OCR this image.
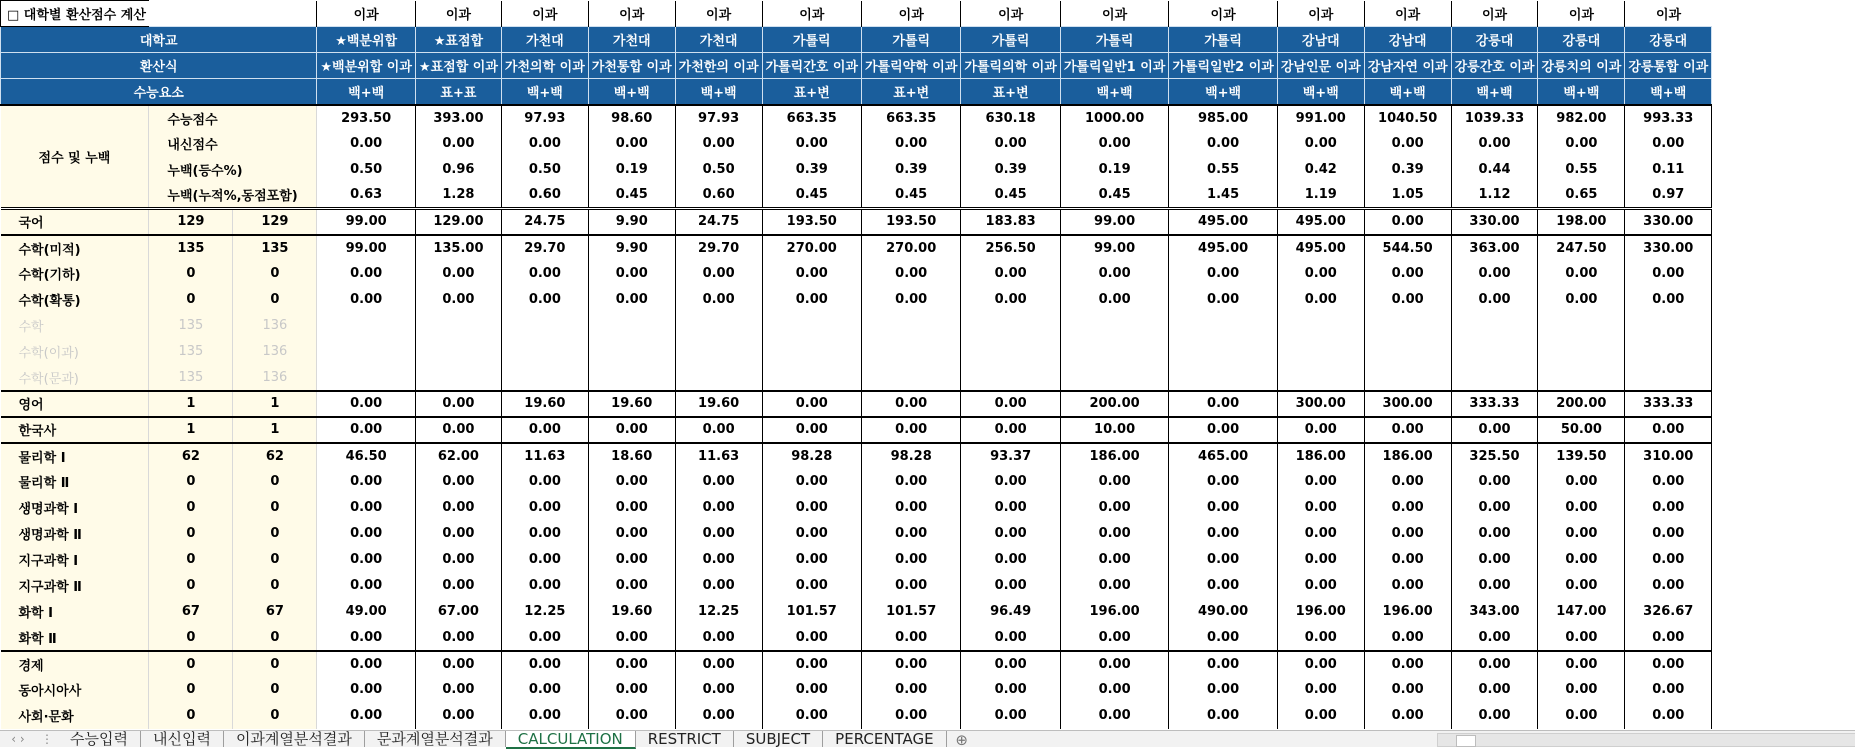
□ 대학별 환산점수 계산			이과	이과	이과	이과	이과	이과	이과	이과	이과	이과	이과	이과	이과	이과	이과
대학교			★백분위합	★표점합	가천대	가천대	가천대	가톨릭	가톨릭	가톨릭	가톨릭	가톨릭	강남대	강남대	강릉대	강릉대	강릉대
환산식			★백분위합 이과	★표점합 이과	가천의학 이과	가천통합 이과	가천한의 이과	가톨릭간호 이과	가톨릭약학 이과	가톨릭의학 이과	가톨릭일반1 이과	가톨릭일반2 이과	강남인문 이과	강남자연 이과	강릉간호 이과	강릉치의 이과	강릉통합 이과
수능요소			백+백	표+표	백+백	백+백	백+백	표+변	표+변	표+변	백+백	백+백	백+백	백+백	백+백	백+백	백+백
점수 및 누백	수능점수		293.50	393.00	97.93	98.60	97.93	663.35	663.35	630.18	1000.00	985.00	991.00	1040.50	1039.33	982.00	993.33
	내신점수		0.00	0.00	0.00	0.00	0.00	0.00	0.00	0.00	0.00	0.00	0.00	0.00	0.00	0.00	0.00
	누백(등수%)		0.50	0.96	0.50	0.19	0.50	0.39	0.39	0.39	0.19	0.55	0.42	0.39	0.44	0.55	0.11
	누백(누적%,동점포함)		0.63	1.28	0.60	0.45	0.60	0.45	0.45	0.45	0.45	1.45	1.19	1.05	1.12	0.65	0.97
국어	129	129	99.00	129.00	24.75	9.90	24.75	193.50	193.50	183.83	99.00	495.00	495.00	0.00	330.00	198.00	330.00
수학(미적)	135	135	99.00	135.00	29.70	9.90	29.70	270.00	270.00	256.50	99.00	495.00	495.00	544.50	363.00	247.50	330.00
수학(기하)	0	0	0.00	0.00	0.00	0.00	0.00	0.00	0.00	0.00	0.00	0.00	0.00	0.00	0.00	0.00	0.00
수학(확통)	0	0	0.00	0.00	0.00	0.00	0.00	0.00	0.00	0.00	0.00	0.00	0.00	0.00	0.00	0.00	0.00
수학	135	136															
수학(이과)	135	136															
수학(문과)	135	136															
영어	1	1	0.00	0.00	19.60	19.60	19.60	0.00	0.00	0.00	200.00	0.00	300.00	300.00	333.33	200.00	333.33
한국사	1	1	0.00	0.00	0.00	0.00	0.00	0.00	0.00	0.00	10.00	0.00	0.00	0.00	0.00	50.00	0.00
물리학 Ⅰ	62	62	46.50	62.00	11.63	18.60	11.63	98.28	98.28	93.37	186.00	465.00	186.00	186.00	325.50	139.50	310.00
물리학 Ⅱ	0	0	0.00	0.00	0.00	0.00	0.00	0.00	0.00	0.00	0.00	0.00	0.00	0.00	0.00	0.00	0.00
생명과학 Ⅰ	0	0	0.00	0.00	0.00	0.00	0.00	0.00	0.00	0.00	0.00	0.00	0.00	0.00	0.00	0.00	0.00
생명과학 Ⅱ	0	0	0.00	0.00	0.00	0.00	0.00	0.00	0.00	0.00	0.00	0.00	0.00	0.00	0.00	0.00	0.00
지구과학 Ⅰ	0	0	0.00	0.00	0.00	0.00	0.00	0.00	0.00	0.00	0.00	0.00	0.00	0.00	0.00	0.00	0.00
지구과학 Ⅱ	0	0	0.00	0.00	0.00	0.00	0.00	0.00	0.00	0.00	0.00	0.00	0.00	0.00	0.00	0.00	0.00
화학 Ⅰ	67	67	49.00	67.00	12.25	19.60	12.25	101.57	101.57	96.49	196.00	490.00	196.00	196.00	343.00	147.00	326.67
화학 Ⅱ	0	0	0.00	0.00	0.00	0.00	0.00	0.00	0.00	0.00	0.00	0.00	0.00	0.00	0.00	0.00	0.00
경제	0	0	0.00	0.00	0.00	0.00	0.00	0.00	0.00	0.00	0.00	0.00	0.00	0.00	0.00	0.00	0.00
동아시아사	0	0	0.00	0.00	0.00	0.00	0.00	0.00	0.00	0.00	0.00	0.00	0.00	0.00	0.00	0.00	0.00
사회·문화	0	0	0.00	0.00	0.00	0.00	0.00	0.00	0.00	0.00	0.00	0.00	0.00	0.00	0.00	0.00	0.00
‹ ›	⋮	수능입력	내신입력	이과계열분석결과	문과계열분석결과	CALCULATION	RESTRICT	SUBJECT	PERCENTAGE	⊕
